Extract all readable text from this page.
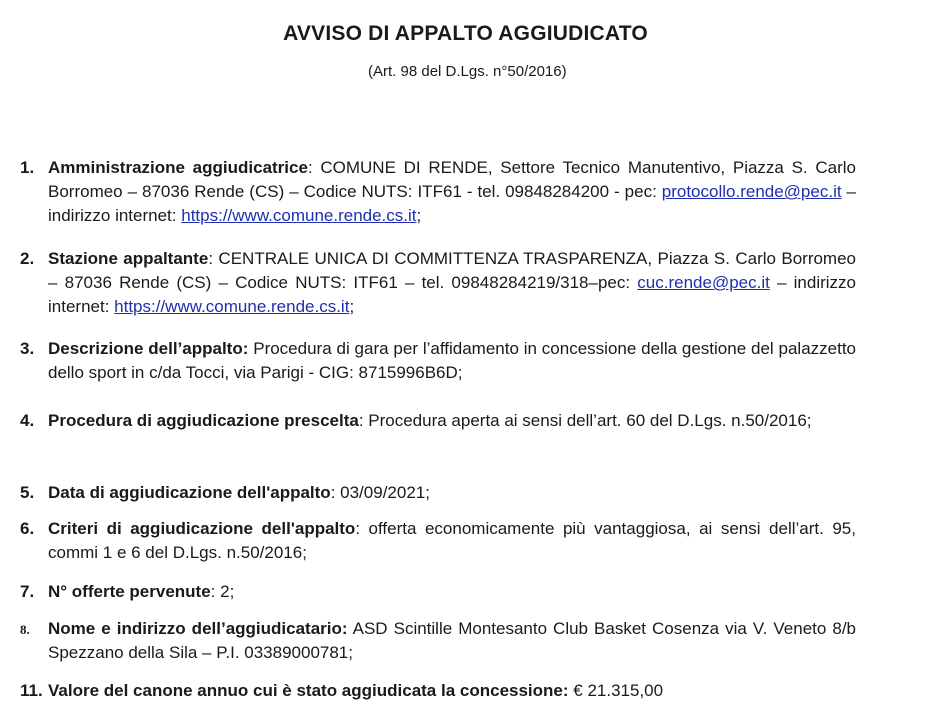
AVVISO DI APPALTO AGGIUDICATO
(Art. 98 del D.Lgs. n°50/2016)
1. Amministrazione aggiudicatrice: COMUNE DI RENDE, Settore Tecnico Manutentivo, Piazza S. Carlo Borromeo – 87036 Rende (CS) – Codice NUTS: ITF61 - tel. 09848284200 - pec: protocollo.rende@pec.it – indirizzo internet: https://www.comune.rende.cs.it;
2. Stazione appaltante: CENTRALE UNICA DI COMMITTENZA TRASPARENZA, Piazza S. Carlo Borromeo – 87036 Rende (CS) – Codice NUTS: ITF61 – tel. 09848284219/318–pec: cuc.rende@pec.it – indirizzo internet: https://www.comune.rende.cs.it;
3. Descrizione dell’appalto: Procedura di gara per l’affidamento in concessione della gestione del palazzetto dello sport in c/da Tocci, via Parigi - CIG: 8715996B6D;
4. Procedura di aggiudicazione prescelta: Procedura aperta ai sensi dell’art. 60 del D.Lgs. n.50/2016;
5. Data di aggiudicazione dell'appalto: 03/09/2021;
6. Criteri di aggiudicazione dell'appalto: offerta economicamente più vantaggiosa, ai sensi dell’art. 95, commi 1 e 6 del D.Lgs. n.50/2016;
7. N° offerte pervenute: 2;
8. Nome e indirizzo dell’aggiudicatario: ASD Scintille Montesanto Club Basket Cosenza via V. Veneto 8/b Spezzano della Sila – P.I. 03389000781;
11. Valore del canone annuo cui è stato aggiudicata la concessione: € 21.315,00
